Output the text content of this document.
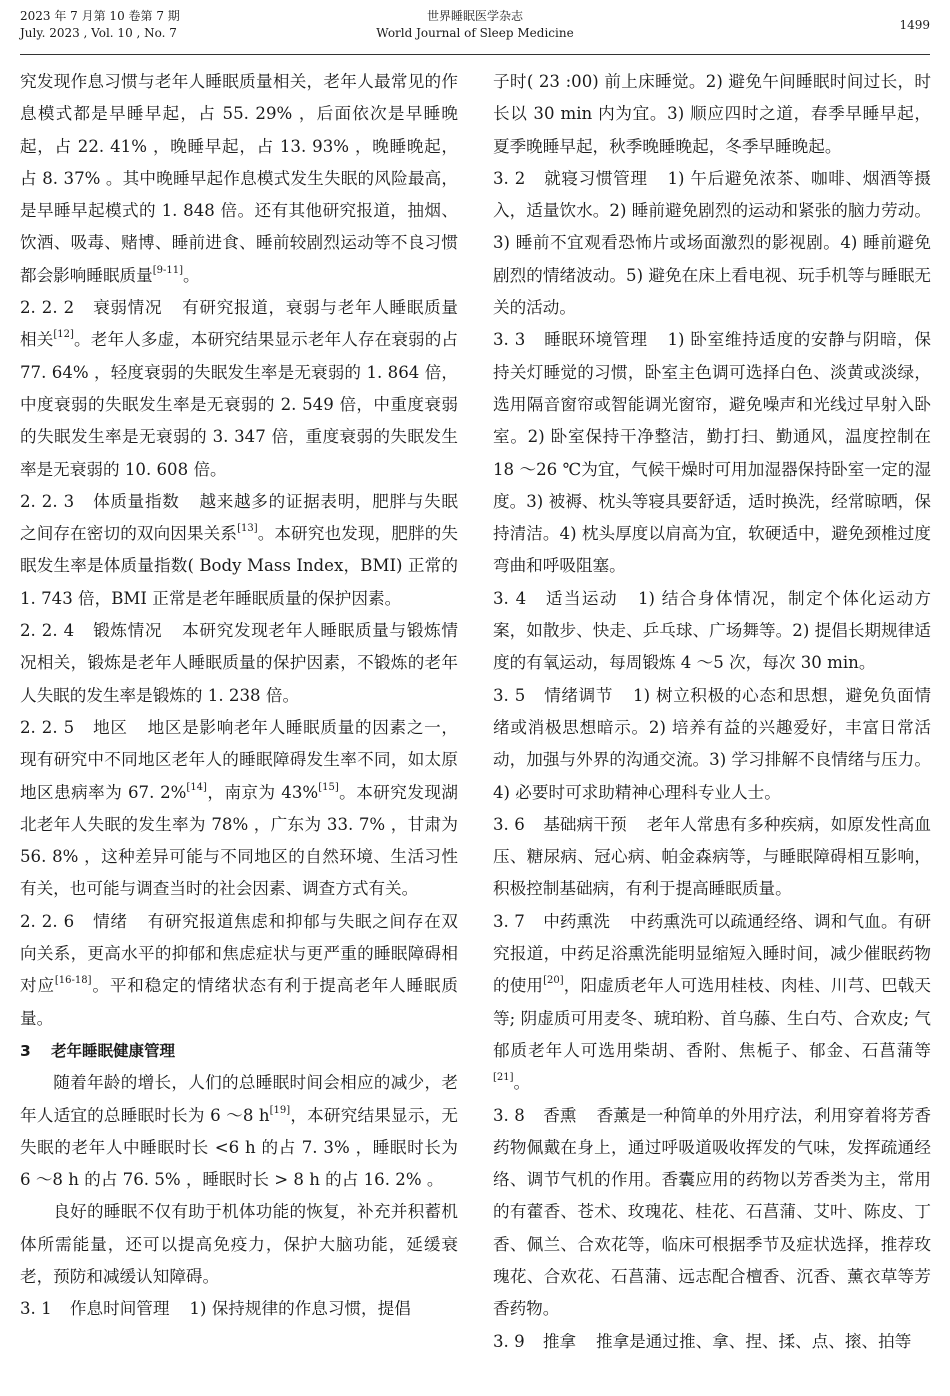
2023 年 7 月第 10 卷第 7 期
July. 2023 , Vol. 10 , No. 7
世界睡眠医学杂志
World Journal of Sleep Medicine
1499

究发现作息习惯与老年人睡眠质量相关，老年人最常见的作息模式都是早睡早起，占 55. 29% ，后面依次是早睡晚起，占 22. 41% ，晚睡早起，占 13. 93% ，晚睡晚起，占 8. 37% 。其中晚睡早起作息模式发生失眠的风险最高，是早睡早起模式的 1. 848 倍。还有其他研究报道，抽烟、饮酒、吸毒、赌博、睡前进食、睡前较剧烈运动等不良习惯都会影响睡眠质量[9-11]。

2. 2. 2 衰弱情况 有研究报道，衰弱与老年人睡眠质量相关[12]。老年人多虚，本研究结果显示老年人存在衰弱的占 77. 64% ，轻度衰弱的失眠发生率是无衰弱的 1. 864 倍，中度衰弱的失眠发生率是无衰弱的 2. 549 倍，中重度衰弱的失眠发生率是无衰弱的 3. 347 倍，重度衰弱的失眠发生率是无衰弱的 10. 608 倍。

2. 2. 3 体质量指数 越来越多的证据表明，肥胖与失眠之间存在密切的双向因果关系[13]。本研究也发现，肥胖的失眠发生率是体质量指数( Body Mass Index，BMI) 正常的 1. 743 倍，BMI 正常是老年睡眠质量的保护因素。

2. 2. 4 锻炼情况 本研究发现老年人睡眠质量与锻炼情况相关，锻炼是老年人睡眠质量的保护因素，不锻炼的老年人失眠的发生率是锻炼的 1. 238 倍。

2. 2. 5 地区 地区是影响老年人睡眠质量的因素之一，现有研究中不同地区老年人的睡眠障碍发生率不同，如太原地区患病率为 67. 2%[14]，南京为 43%[15]。本研究发现湖北老年人失眠的发生率为 78% ，广东为 33. 7% ，甘肃为 56. 8% ，这种差异可能与不同地区的自然环境、生活习性有关，也可能与调查当时的社会因素、调查方式有关。

2. 2. 6 情绪 有研究报道焦虑和抑郁与失眠之间存在双向关系，更高水平的抑郁和焦虑症状与更严重的睡眠障碍相对应[16-18]。平和稳定的情绪状态有利于提高老年人睡眠质量。

3 老年睡眠健康管理

随着年龄的增长，人们的总睡眠时间会相应的减少，老年人适宜的总睡眠时长为 6 ～8 h[19]，本研究结果显示，无失眠的老年人中睡眠时长 <6 h 的占 7. 3% ，睡眠时长为 6 ～8 h 的占 76. 5% ，睡眠时长 > 8 h 的占 16. 2% 。

良好的睡眠不仅有助于机体功能的恢复，补充并积蓄机体所需能量，还可以提高免疫力，保护大脑功能，延缓衰老，预防和减缓认知障碍。

3. 1 作息时间管理 1) 保持规律的作息习惯，提倡

子时( 23 :00) 前上床睡觉。2) 避免午间睡眠时间过长，时长以 30 min 内为宜。3) 顺应四时之道，春季早睡早起，夏季晚睡早起，秋季晚睡晚起，冬季早睡晚起。

3. 2 就寝习惯管理 1) 午后避免浓茶、咖啡、烟酒等摄入，适量饮水。2) 睡前避免剧烈的运动和紧张的脑力劳动。3) 睡前不宜观看恐怖片或场面激烈的影视剧。4) 睡前避免剧烈的情绪波动。5) 避免在床上看电视、玩手机等与睡眠无关的活动。

3. 3 睡眠环境管理 1) 卧室维持适度的安静与阴暗，保持关灯睡觉的习惯，卧室主色调可选择白色、淡黄或淡绿，选用隔音窗帘或智能调光窗帘，避免噪声和光线过早射入卧室。2) 卧室保持干净整洁，勤打扫、勤通风，温度控制在 18 ～26 ℃为宜，气候干燥时可用加湿器保持卧室一定的湿度。3) 被褥、枕头等寝具要舒适，适时换洗，经常晾晒，保持清洁。4) 枕头厚度以肩高为宜，软硬适中，避免颈椎过度弯曲和呼吸阻塞。

3. 4 适当运动 1) 结合身体情况，制定个体化运动方案，如散步、快走、乒乓球、广场舞等。2) 提倡长期规律适度的有氧运动，每周锻炼 4 ～5 次，每次 30 min。

3. 5 情绪调节 1) 树立积极的心态和思想，避免负面情绪或消极思想暗示。2) 培养有益的兴趣爱好，丰富日常活动，加强与外界的沟通交流。3) 学习排解不良情绪与压力。4) 必要时可求助精神心理科专业人士。

3. 6 基础病干预 老年人常患有多种疾病，如原发性高血压、糖尿病、冠心病、帕金森病等，与睡眠障碍相互影响，积极控制基础病，有利于提高睡眠质量。

3. 7 中药熏洗 中药熏洗可以疏通经络、调和气血。有研究报道，中药足浴熏洗能明显缩短入睡时间，减少催眠药物的使用[20]，阳虚质老年人可选用桂枝、肉桂、川芎、巴戟天等; 阴虚质可用麦冬、琥珀粉、首乌藤、生白芍、合欢皮; 气郁质老年人可选用柴胡、香附、焦栀子、郁金、石菖蒲等[21]。

3. 8 香熏 香薰是一种简单的外用疗法，利用穿着将芳香药物佩戴在身上，通过呼吸道吸收挥发的气味，发挥疏通经络、调节气机的作用。香囊应用的药物以芳香类为主，常用的有藿香、苍术、玫瑰花、桂花、石菖蒲、艾叶、陈皮、丁香、佩兰、合欢花等，临床可根据季节及症状选择，推荐玫瑰花、合欢花、石菖蒲、远志配合檀香、沉香、薰衣草等芳香药物。

3. 9 推拿 推拿是通过推、拿、捏、揉、点、㨰、拍等
